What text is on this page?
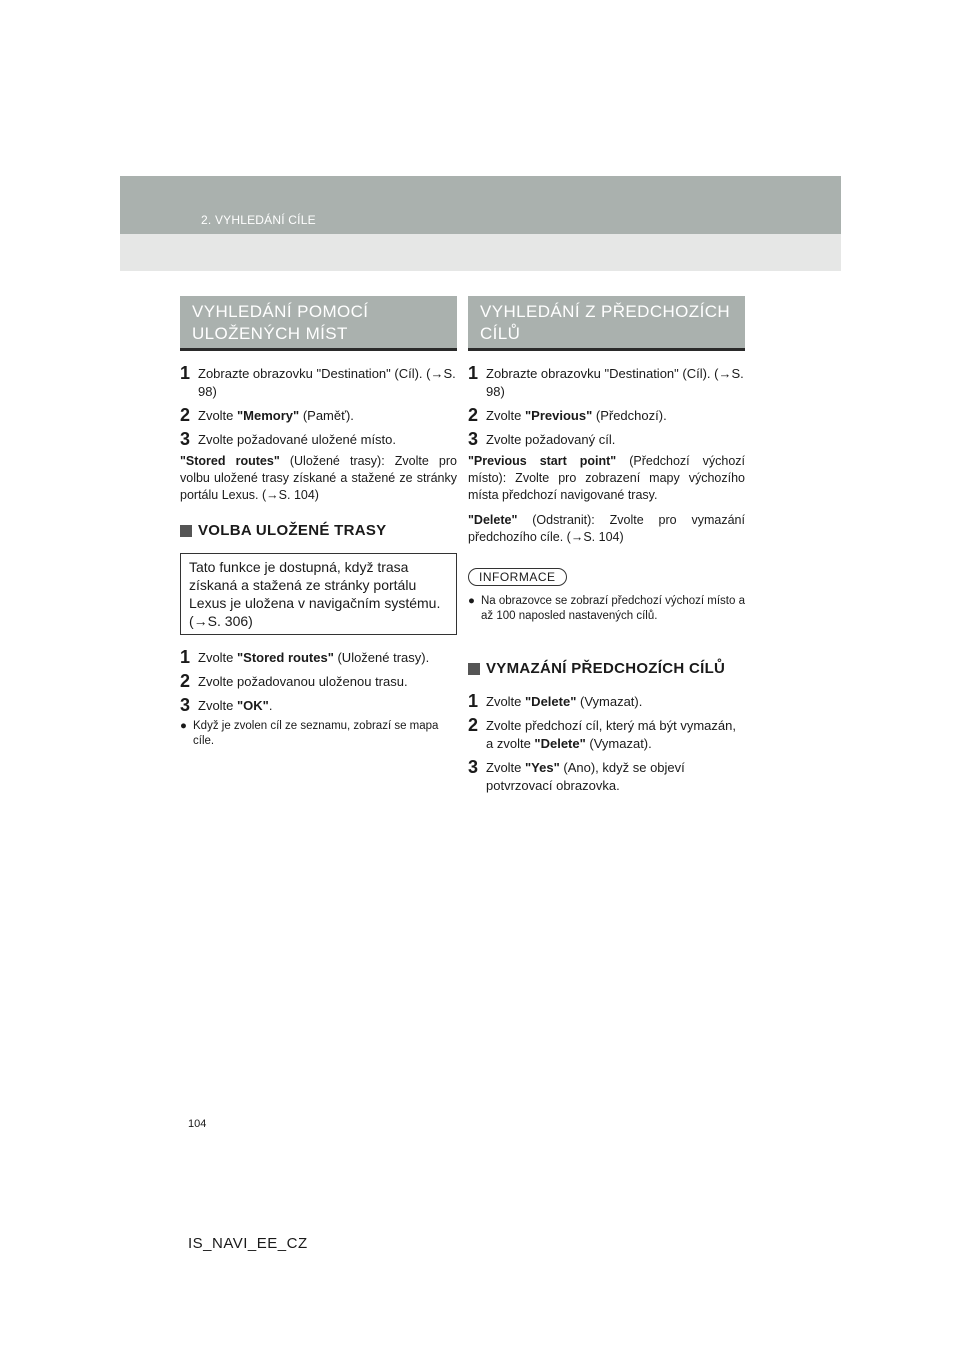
2. VYHLEDÁNÍ CÍLE
VYHLEDÁNÍ POMOCÍ ULOŽENÝCH MÍST
1 Zobrazte obrazovku "Destination" (Cíl). (→S. 98)
2 Zvolte "Memory" (Paměť).
3 Zvolte požadované uložené místo.

"Stored routes" (Uložené trasy): Zvolte pro volbu uložené trasy získané a stažené ze stránky portálu Lexus. (→S. 104)

VOLBA ULOŽENÉ TRASY
Tato funkce je dostupná, když trasa získaná a stažená ze stránky portálu Lexus je uložena v navigačním systému. (→S. 306)
1 Zvolte "Stored routes" (Uložené trasy).
2 Zvolte požadovanou uloženou trasu.
3 Zvolte "OK".
● Když je zvolen cíl ze seznamu, zobrazí se mapa cíle.
VYHLEDÁNÍ Z PŘEDCHOZÍCH CÍLŮ
1 Zobrazte obrazovku "Destination" (Cíl). (→S. 98)
2 Zvolte "Previous" (Předchozí).
3 Zvolte požadovaný cíl.

"Previous start point" (Předchozí výchozí místo): Zvolte pro zobrazení mapy výchozího místa předchozí navigované trasy.

"Delete" (Odstranit): Zvolte pro vymazání předchozího cíle. (→S. 104)

INFORMACE
● Na obrazovce se zobrazí předchozí výchozí místo a až 100 naposled nastavených cílů.
VYMAZÁNÍ PŘEDCHOZÍCH CÍLŮ
1 Zvolte "Delete" (Vymazat).
2 Zvolte předchozí cíl, který má být vymazán, a zvolte "Delete" (Vymazat).
3 Zvolte "Yes" (Ano), když se objeví potvrzovací obrazovka.
104
IS_NAVI_EE_CZ
